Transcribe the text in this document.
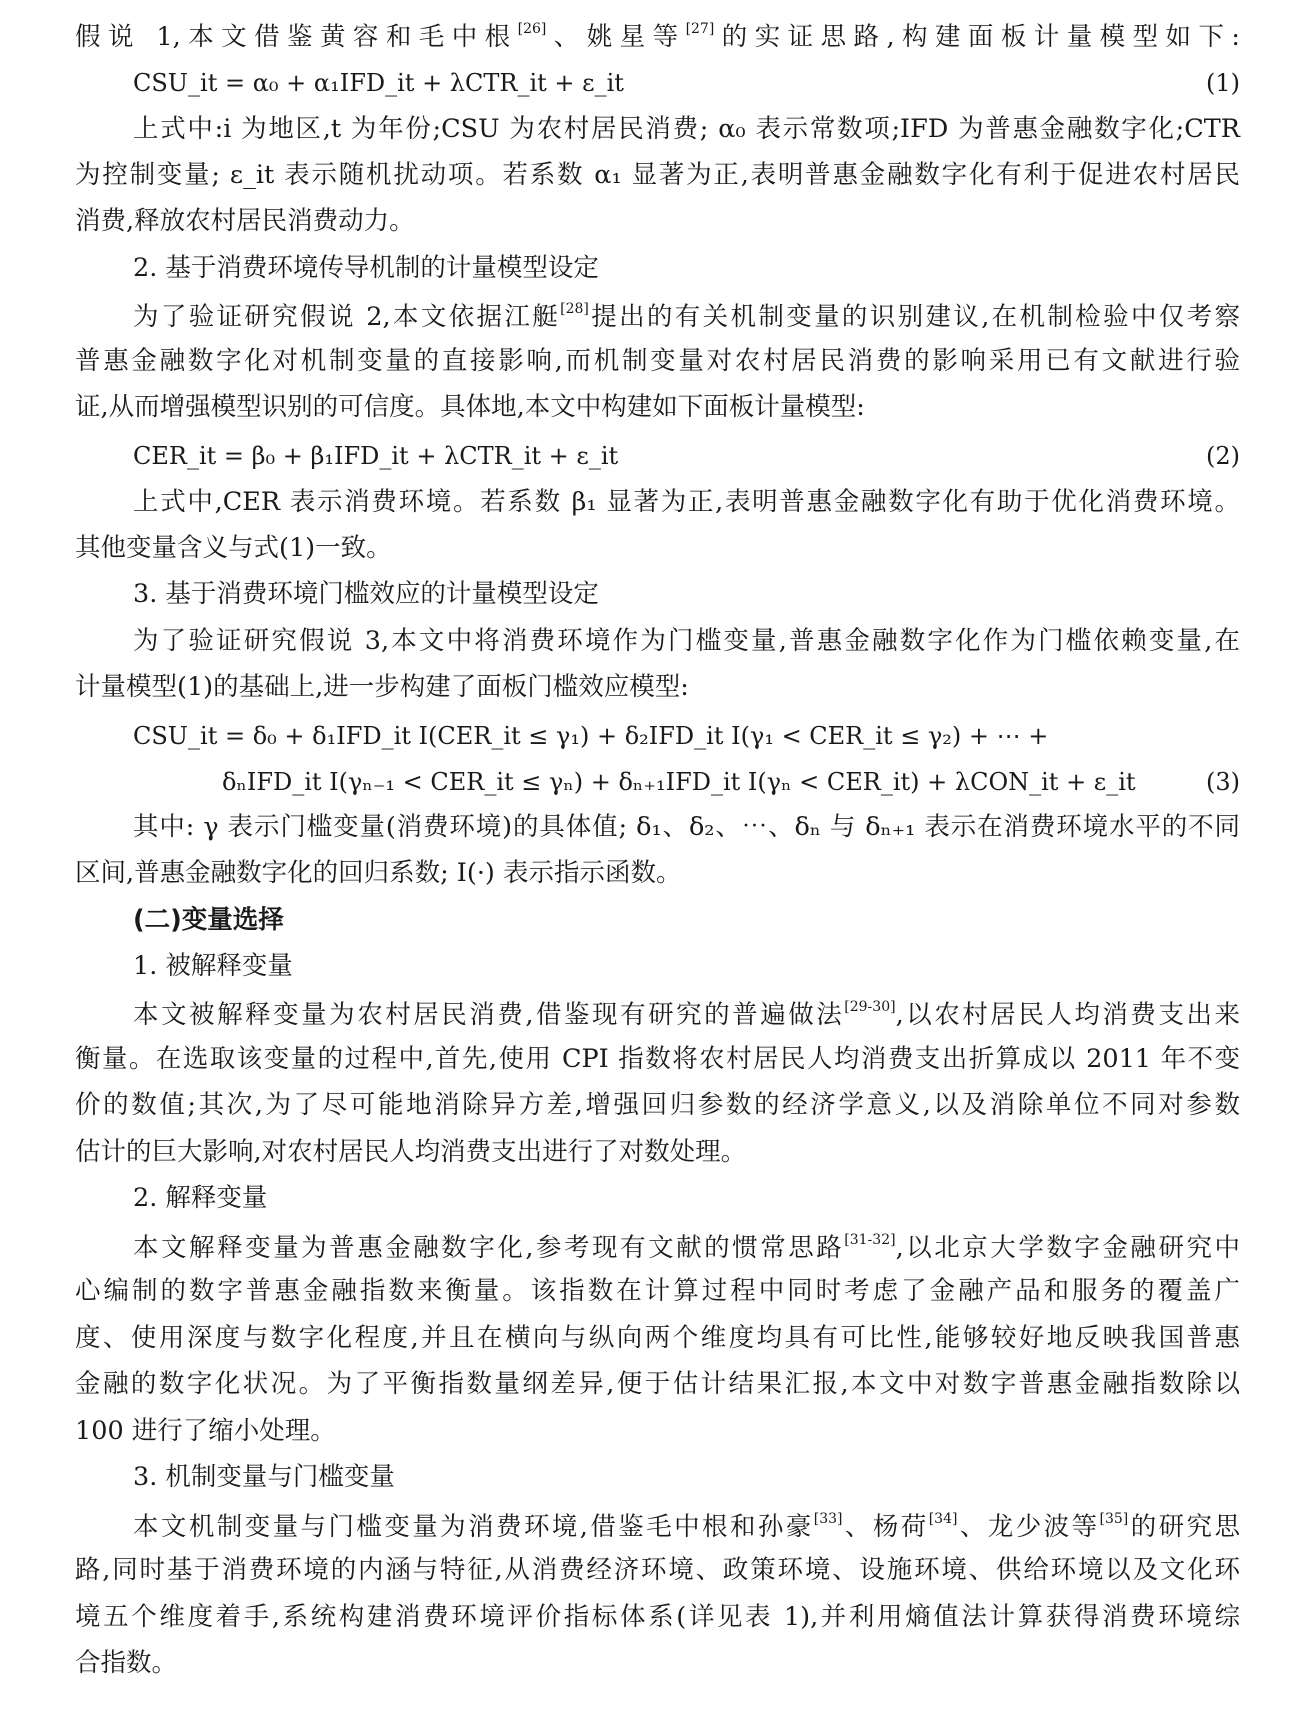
假说 1,本文借鉴黄容和毛中根[26]、姚星等[27]的实证思路,构建面板计量模型如下:
CSU_it = α₀ + α₁IFD_it + λCTR_it + ε_it	(1)
上式中:i 为地区,t 为年份;CSU 为农村居民消费; α₀ 表示常数项;IFD 为普惠金融数字化;CTR
为控制变量; ε_it 表示随机扰动项。若系数 α₁ 显著为正,表明普惠金融数字化有利于促进农村居民
消费,释放农村居民消费动力。
2. 基于消费环境传导机制的计量模型设定
为了验证研究假说 2,本文依据江艇[28]提出的有关机制变量的识别建议,在机制检验中仅考察
普惠金融数字化对机制变量的直接影响,而机制变量对农村居民消费的影响采用已有文献进行验
证,从而增强模型识别的可信度。具体地,本文中构建如下面板计量模型:
CER_it = β₀ + β₁IFD_it + λCTR_it + ε_it	(2)
上式中,CER 表示消费环境。若系数 β₁ 显著为正,表明普惠金融数字化有助于优化消费环境。
其他变量含义与式(1)一致。
3. 基于消费环境门槛效应的计量模型设定
为了验证研究假说 3,本文中将消费环境作为门槛变量,普惠金融数字化作为门槛依赖变量,在
计量模型(1)的基础上,进一步构建了面板门槛效应模型:
CSU_it = δ₀ + δ₁IFD_it I(CER_it ≤ γ₁) + δ₂IFD_it I(γ₁ < CER_it ≤ γ₂) + ⋯ +
δₙIFD_it I(γₙ₋₁ < CER_it ≤ γₙ) + δₙ₊₁IFD_it I(γₙ < CER_it) + λCON_it + ε_it	(3)
其中: γ 表示门槛变量(消费环境)的具体值; δ₁、δ₂、⋯、δₙ 与 δₙ₊₁ 表示在消费环境水平的不同
区间,普惠金融数字化的回归系数; I(·) 表示指示函数。
(二)变量选择
1. 被解释变量
本文被解释变量为农村居民消费,借鉴现有研究的普遍做法[29-30],以农村居民人均消费支出来
衡量。在选取该变量的过程中,首先,使用 CPI 指数将农村居民人均消费支出折算成以 2011 年不变
价的数值;其次,为了尽可能地消除异方差,增强回归参数的经济学意义,以及消除单位不同对参数
估计的巨大影响,对农村居民人均消费支出进行了对数处理。
2. 解释变量
本文解释变量为普惠金融数字化,参考现有文献的惯常思路[31-32],以北京大学数字金融研究中
心编制的数字普惠金融指数来衡量。该指数在计算过程中同时考虑了金融产品和服务的覆盖广
度、使用深度与数字化程度,并且在横向与纵向两个维度均具有可比性,能够较好地反映我国普惠
金融的数字化状况。为了平衡指数量纲差异,便于估计结果汇报,本文中对数字普惠金融指数除以
100 进行了缩小处理。
3. 机制变量与门槛变量
本文机制变量与门槛变量为消费环境,借鉴毛中根和孙豪[33]、杨荷[34]、龙少波等[35]的研究思
路,同时基于消费环境的内涵与特征,从消费经济环境、政策环境、设施环境、供给环境以及文化环
境五个维度着手,系统构建消费环境评价指标体系(详见表 1),并利用熵值法计算获得消费环境综
合指数。
